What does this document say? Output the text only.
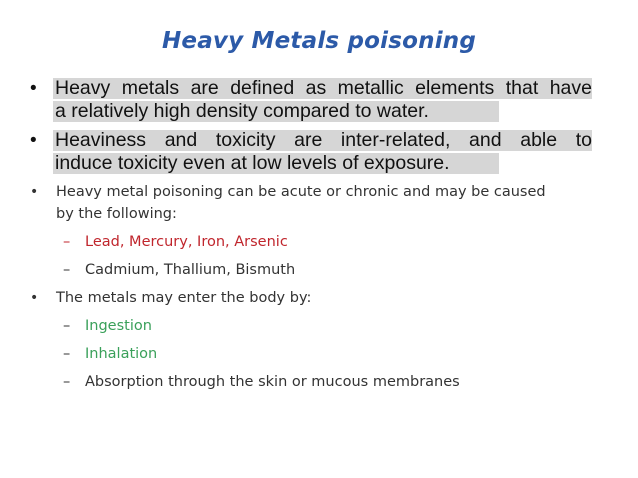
Heavy Metals poisoning
• Heavy metals are defined as metallic elements that have
a relatively high density compared to water.
• Heaviness and toxicity are inter-related, and able to
induce toxicity even at low levels of exposure.
• Heavy metal poisoning can be acute or chronic and may be caused
by the following:
– Lead, Mercury, Iron, Arsenic
– Cadmium, Thallium, Bismuth
• The metals may enter the body by:
– Ingestion
– Inhalation
– Absorption through the skin or mucous membranes
